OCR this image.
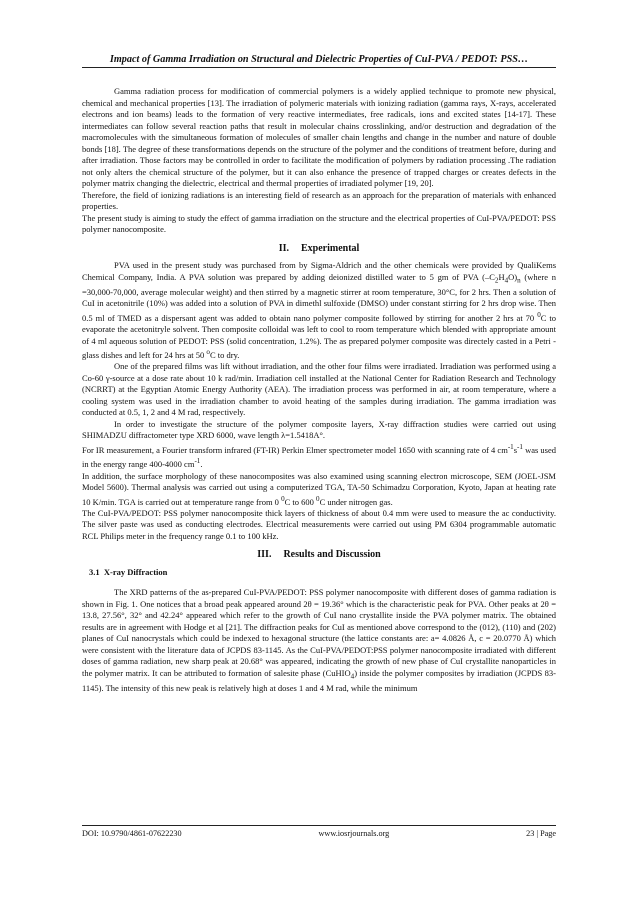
Impact of Gamma Irradiation on Structural and Dielectric Properties of CuI-PVA / PEDOT: PSS…

Gamma radiation process for modification of commercial polymers is a widely applied technique to promote new physical, chemical and mechanical properties [13]. The irradiation of polymeric materials with ionizing radiation (gamma rays, X-rays, accelerated electrons and ion beams) leads to the formation of very reactive intermediates, free radicals, ions and excited states [14-17]. These intermediates can follow several reaction paths that result in molecular chains crosslinking, and/or destruction and degradation of the macromolecules with the simultaneous formation of molecules of smaller chain lengths and change in the number and nature of double bonds [18]. The degree of these transformations depends on the structure of the polymer and the conditions of treatment before, during and after irradiation. Those factors may be controlled in order to facilitate the modification of polymers by radiation processing .The radiation not only alters the chemical structure of the polymer, but it can also enhance the presence of trapped charges or creates defects in the polymer matrix changing the dielectric, electrical and thermal properties of irradiated polymer [19, 20].

Therefore, the field of ionizing radiations is an interesting field of research as an approach for the preparation of materials with enhanced properties.

The present study is aiming to study the effect of gamma irradiation on the structure and the electrical properties of CuI-PVA/PEDOT: PSS polymer nanocomposite.

II. Experimental

PVA used in the present study was purchased from by Sigma-Aldrich and the other chemicals were provided by QualiKems Chemical Company, India. A PVA solution was prepared by adding deionized distilled water to 5 gm of PVA $(-C_2H_4O)_n$ (where n =30,000-70,000, average molecular weight) and then stirred by a magnetic stirrer at room temperature, 30°C, for 2 hrs. Then a solution of CuI in acetonitrile (10%) was added into a solution of PVA in dimethl sulfoxide (DMSO) under constant stirring for 2 hrs drop wise. Then 0.5 ml of TMED as a dispersant agent was added to obtain nano polymer composite followed by stirring for another 2 hrs at 70 $^0$C to evaporate the acetonitryle solvent. Then composite colloidal was left to cool to room temperature which blended with appropriate amount of 4 ml aqueous solution of PEDOT: PSS (solid concentration, 1.2%). The as prepared polymer composite was directely casted in a Petri - glass dishes and left for 24 hrs at 50 $^o$C to dry.

One of the prepared films was lift without irradiation, and the other four films were irradiated. Irradiation was performed using a Co-60 γ-source at a dose rate about 10 k rad/min. Irradiation cell installed at the National Center for Radiation Research and Technology (NCRRT) at the Egyptian Atomic Energy Authority (AEA). The irradiation process was performed in air, at room temperature, where a cooling system was used in the irradiation chamber to avoid heating of the samples during irradiation. The gamma irradiation was conducted at 0.5, 1, 2 and 4 M rad, respectively.

In order to investigate the structure of the polymer composite layers, X-ray diffraction studies were carried out using SHIMADZU diffractometer type XRD 6000, wave length λ=1.5418A°.

For IR measurement, a Fourier transform infrared (FT-IR) Perkin Elmer spectrometer model 1650 with scanning rate of 4 $cm^{-1}s^{-1}$ was used in the energy range 400-4000 $cm^{-1}$.

In addition, the surface morphology of these nanocomposites was also examined using scanning electron microscope, SEM (JOEL-JSM Model 5600). Thermal analysis was carried out using a computerized TGA, TA-50 Schimadzu Corporation, Kyoto, Japan at heating rate 10 K/min. TGA is carried out at temperature range from 0 $^0$C to 600 $^0$C under nitrogen gas.

The CuI-PVA/PEDOT: PSS polymer nanocomposite thick layers of thickness of about 0.4 mm were used to measure the ac conductivity. The silver paste was used as conducting electrodes. Electrical measurements were carried out using PM 6304 programmable automatic RCL Philips meter in the frequency range 0.1 to 100 kHz.

III. Results and Discussion
3.1 X-ray Diffraction

The XRD patterns of the as-prepared CuI-PVA/PEDOT: PSS polymer nanocomposite with different doses of gamma radiation is shown in Fig. 1. One notices that a broad peak appeared around 2θ = 19.36° which is the characteristic peak for PVA. Other peaks at 2θ = 13.8, 27.56°, 32° and 42.24° appeared which refer to the growth of CuI nano crystallite inside the PVA polymer matrix. The obtained results are in agreement with Hodge et al [21]. The diffraction peaks for CuI as mentioned above correspond to the (012), (110) and (202) planes of CuI nanocrystals which could be indexed to hexagonal structure (the lattice constants are: a= 4.0826 Å, c = 20.0770 Å) which were consistent with the literature data of JCPDS 83-1145. As the CuI-PVA/PEDOT:PSS polymer nanocomposite irradiated with different doses of gamma radiation, new sharp peak at 20.68° was appeared, indicating the growth of new phase of CuI crystallite nanoparticles in the polymer matrix. It can be attributed to formation of salesite phase (CuHIO$_4$) inside the polymer composites by irradiation (JCPDS 83-1145). The intensity of this new peak is relatively high at doses 1 and 4 M rad, while the minimum

DOI: 10.9790/4861-07622230	www.iosrjournals.org	23 | Page
